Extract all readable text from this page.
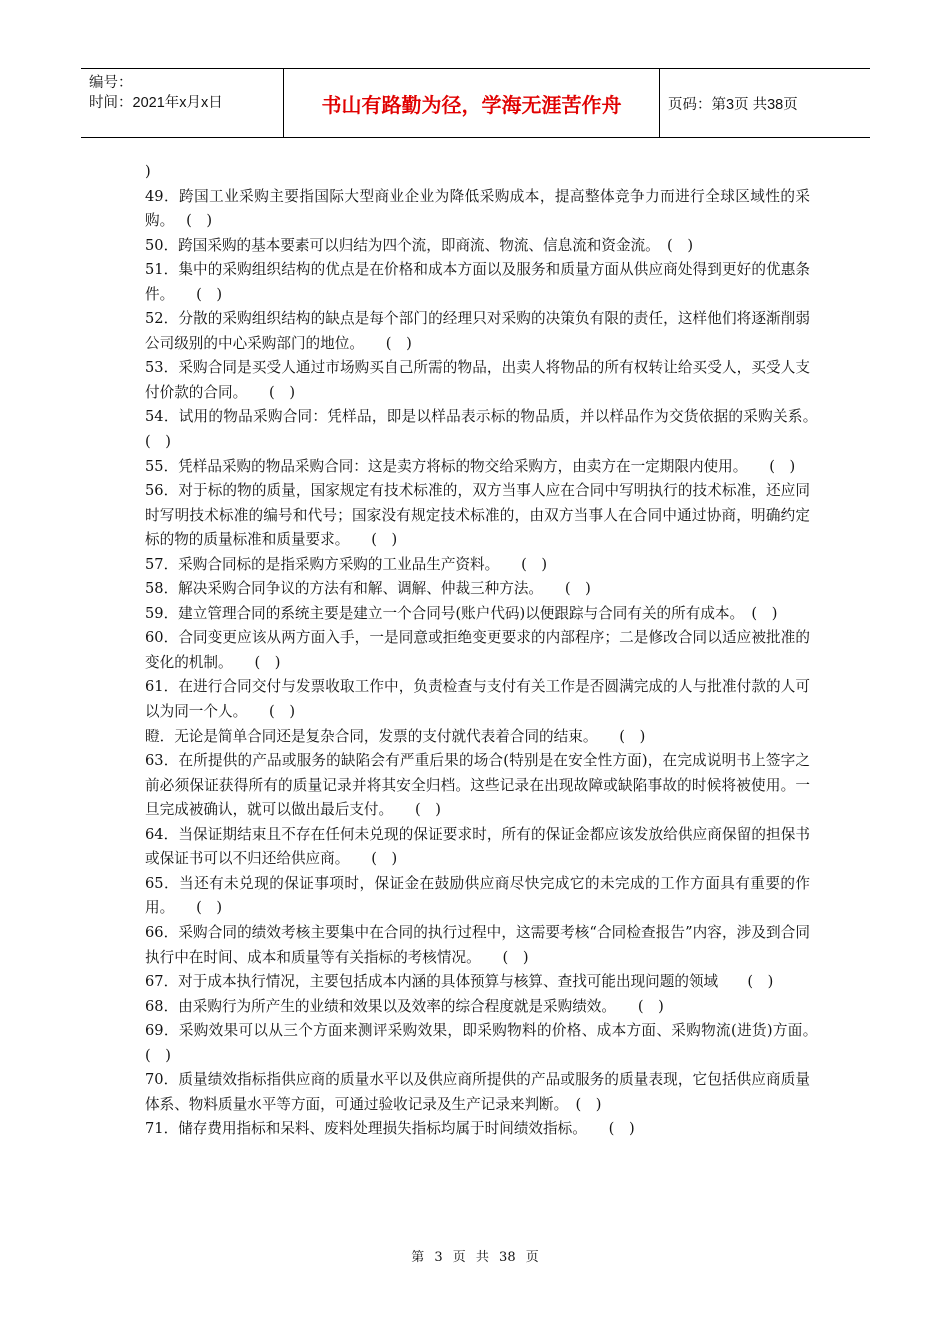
编号：
时间：2021年x月x日	书山有路勤为径，学海无涯苦作舟	页码：第3页 共38页

)

49．跨国工业采购主要指国际大型商业企业为降低采购成本，提高整体竞争力而进行全球区域性的采购。　 (　)

50．跨国采购的基本要素可以归结为四个流，即商流、物流、信息流和资金流。　(　)

51．集中的采购组织结构的优点是在价格和成本方面以及服务和质量方面从供应商处得到更好的优惠条件。　　(　)

52．分散的采购组织结构的缺点是每个部门的经理只对采购的决策负有限的责任，这样他们将逐渐削弱公司级别的中心采购部门的地位。　　(　)

53．采购合同是买受人通过市场购买自己所需的物品，出卖人将物品的所有权转让给买受人，买受人支付价款的合同。　　(　)

54．试用的物品采购合同：凭样品，即是以样品表示标的物品质，并以样品作为交货依据的采购关系。　　(　)

55．凭样品采购的物品采购合同：这是卖方将标的物交给采购方，由卖方在一定期限内使用。　　(　)

56．对于标的物的质量，国家规定有技术标准的，双方当事人应在合同中写明执行的技术标准，还应同时写明技术标准的编号和代号；国家没有规定技术标准的，由双方当事人在合同中通过协商，明确约定标的物的质量标准和质量要求。　　(　)

57．采购合同标的是指采购方采购的工业品生产资料。　　(　)

58．解决采购合同争议的方法有和解、调解、仲裁三种方法。　　(　)

59．建立管理合同的系统主要是建立一个合同号(账户代码)以便跟踪与合同有关的所有成本。　(　)

60．合同变更应该从两方面入手，一是同意或拒绝变更要求的内部程序；二是修改合同以适应被批准的变化的机制。　　(　)

61．在进行合同交付与发票收取工作中，负责检查与支付有关工作是否圆满完成的人与批准付款的人可以为同一个人。　　(　)

瞪．无论是简单合同还是复杂合同，发票的支付就代表着合同的结束。　　(　)

63．在所提供的产品或服务的缺陷会有严重后果的场合(特别是在安全性方面)，在完成说明书上签字之前必须保证获得所有的质量记录并将其安全归档。这些记录在出现故障或缺陷事故的时候将被使用。一旦完成被确认，就可以做出最后支付。　　(　)

64．当保证期结束且不存在任何未兑现的保证要求时，所有的保证金都应该发放给供应商保留的担保书或保证书可以不归还给供应商。　　(　)

65．当还有未兑现的保证事项时，保证金在鼓励供应商尽快完成它的未完成的工作方面具有重要的作用。　　(　)

66．采购合同的绩效考核主要集中在合同的执行过程中，这需要考核“合同检查报告”内容，涉及到合同执行中在时间、成本和质量等有关指标的考核情况。　　(　)

67．对于成本执行情况，主要包括成本内涵的具体预算与核算、查找可能出现问题的领域　　(　)

68．由采购行为所产生的业绩和效果以及效率的综合程度就是采购绩效。　　(　)

69．采购效果可以从三个方面来测评采购效果，即采购物料的价格、成本方面、采购物流(进货)方面。　　(　)

70．质量绩效指标指供应商的质量水平以及供应商所提供的产品或服务的质量表现，它包括供应商质量体系、物料质量水平等方面，可通过验收记录及生产记录来判断。　(　)

71．储存费用指标和呆料、废料处理损失指标均属于时间绩效指标。　　(　)

第 3 页 共 38 页
